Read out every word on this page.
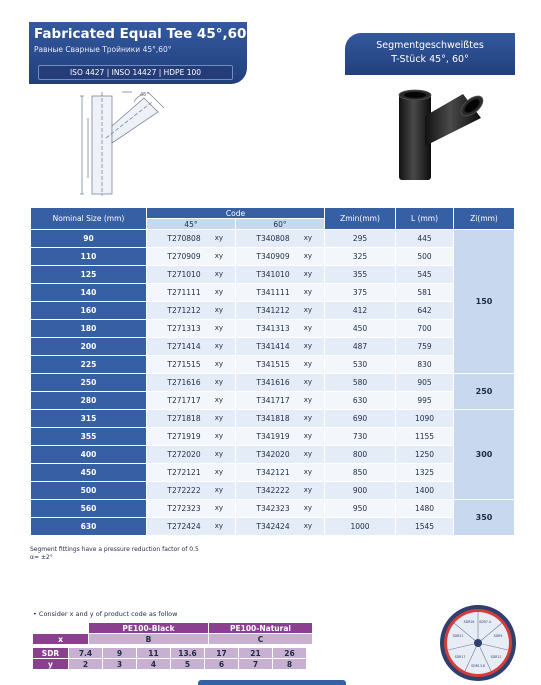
Fabricated Equal Tee 45°,60°
Равные Сварные Тройники 45°,60°
ISO 4427 | INSO 14427 | HDPE 100
Segmentgeschweißtes
T-Stück 45°, 60°
45°
Nominal Size (mm)	Code		Zmin(mm)	L (mm)	Zi(mm)
	45°	60°			
90	T270808 xy	T340808 xy	295	445	150
110	T270909 xy	T340909 xy	325	500	
125	T271010 xy	T341010 xy	355	545	
140	T271111 xy	T341111 xy	375	581	
160	T271212 xy	T341212 xy	412	642	
180	T271313 xy	T341313 xy	450	700	
200	T271414 xy	T341414 xy	487	759	
225	T271515 xy	T341515 xy	530	830	
250	T271616 xy	T341616 xy	580	905	250
280	T271717 xy	T341717 xy	630	995	
315	T271818 xy	T341818 xy	690	1090	300
355	T271919 xy	T341919 xy	730	1155	
400	T272020 xy	T342020 xy	800	1250	
450	T272121 xy	T342121 xy	850	1325	
500	T272222 xy	T342222 xy	900	1400	
560	T272323 xy	T342323 xy	950	1480	350
630	T272424 xy	T342424 xy	1000	1545	
Segment fittings have a pressure reduction factor of 0.5
α= ±2°
• Consider x and y of product code as follow
PE100-Black	PE100-Natural
x	B	C
SDR	7.4	9	11	13.6	17	21	26
y	2	3	4	5	6	7	8
SDR7.4
SDR9
SDR11
SDR13.6
SDR17
SDR21
SDR26
